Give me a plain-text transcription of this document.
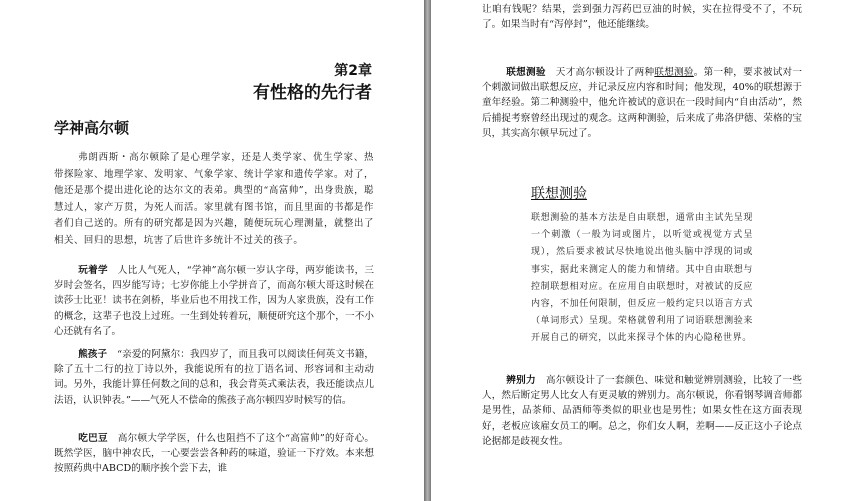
第2章
有性格的先行者
学神高尔顿

弗朗西斯・高尔顿除了是心理学家，还是人类学家、优生学家、热带探险家、地理学家、发明家、气象学家、统计学家和遗传学家。对了，他还是那个提出进化论的达尔文的表弟。典型的“高富帅”，出身贵族，聪慧过人，家产万贯，为死人而活。家里就有图书馆，而且里面的书都是作者们自己送的。所有的研究都是因为兴趣，随便玩玩心理测量，就整出了相关、回归的思想，坑害了后世许多统计不过关的孩子。

玩着学 人比人气死人，“学神”高尔顿一岁认字母，两岁能读书，三岁时会签名，四岁能写诗；七岁你能上小学拼音了，而高尔顿大哥这时候在读莎士比亚！读书在剑桥，毕业后也不用找工作，因为人家贵族，没有工作的概念，这辈子也没上过班。一生到处转着玩，顺便研究这个那个，一不小心还就有名了。

熊孩子 “亲爱的阿黛尔：我四岁了，而且我可以阅读任何英文书籍，除了五十二行的拉丁诗以外，我能说所有的拉丁语名词、形容词和主动动词。另外，我能计算任何数之间的总和，我会背英式乘法表，我还能读点儿法语，认识钟表。”——气死人不偿命的熊孩子高尔顿四岁时候写的信。

吃巴豆 高尔顿大学学医，什么也阻挡不了这个“高富帅”的好奇心。既然学医，脑中神农氏，一心要尝尝各种药的味道，验证一下疗效。本来想按照药典中ABCD的顺序挨个尝下去，谁

让咱有钱呢？结果，尝到强力泻药巴豆油的时候，实在拉得受不了，不玩了。如果当时有“泻停封”，他还能继续。

联想测验 天才高尔顿设计了两种联想测验。第一种，要求被试对一个刺激词做出联想反应，并记录反应内容和时间；他发现，40%的联想源于童年经验。第二种测验中，他允许被试的意识在一段时间内“自由活动”，然后捕捉考察曾经出现过的观念。这两种测验，后来成了弗洛伊德、荣格的宝贝，其实高尔顿早玩过了。

联想测验

联想测验的基本方法是自由联想，通常由主试先呈现一个刺激（一般为词或图片，以听觉或视觉方式呈现），然后要求被试尽快地说出他头脑中浮现的词或事实，据此来测定人的能力和情绪。其中自由联想与控制联想相对应。在应用自由联想时，对被试的反应内容，不加任何限制，但反应一般约定只以语言方式（单词形式）呈现。荣格就曾利用了词语联想测验来开展自己的研究，以此来探寻个体的内心隐秘世界。

辨别力 高尔顿设计了一套颜色、味觉和触觉辨别测验，比较了一些人，然后断定男人比女人有更灵敏的辨别力。高尔顿说，你看钢琴调音师都是男性，品茶师、品酒师等类似的职业也是男性；如果女性在这方面表现好，老板应该雇女员工的啊。总之，你们女人啊，差啊——反正这小子论点论据都是歧视女性。
